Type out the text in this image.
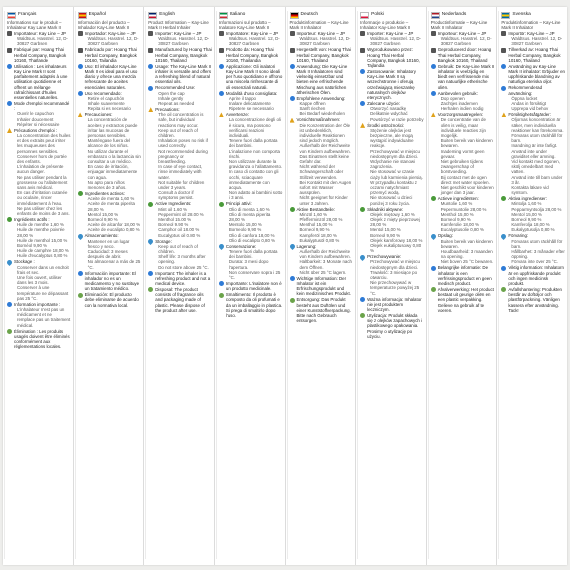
Français
Informations sur le produit – Inhalateur Kay Lane Mark II
Importateur: Kay Line – JP
Waldtsus. Hasstrel. 12, D-30827 Garbsen
Fabriqué par: Hoang Thai Herbal Company, Bangkok 10160, Thaïlande
Utilisation : Les inhalateurs Kay Line Mark II sont parfaitement adaptés à une utilisation quotidienne et offrent un mélange rafraîchissant d'huiles essentielles naturelles.
Mode d'emploi recommandé :
Ouvrir le capuchon
Inhaler doucement
Répéter si nécessaire
Précautions d'emploi :
La concentration des huiles et des extraits peut irriter les muqueuses des personnes sensibles.
Conserver hors de portée des enfants.
L'inhalation de présente aucun danger.
Ne pas utiliser pendant la grossesse ou l'allaitement sans avis médical.
En cas d'irritation cutanée ou oculaire, rincer immédiatement à l'eau.
Ne pas utiliser chez les enfants de moins de 3 ans.
Ingrédients actifs :
Huile de menthe 1,60 %
Huile de menthe poivrée 28,00 %
Huile de menthol 15,00 %
Bornéol 9,90 %
Huile de camphre 18,00 %
Huile d'eucalyptus 0,80 %
Stockage :
Conserver dans un endroit frais et sec.
Une fois ouvert, utiliser dans les 3 mois.
Conserver à une température ne dépassant pas 25 °C.
Information importante :
L'inhalateur n'est pas un médicament et ne remplace pas un traitement médical.
Élimination : Les produits usagés doivent être éliminés conformément aux réglementations locales.
Español
Información del producto – Inhalador Kay-Line Mark II
Importador: Kay-Line – JP
Waldtsus. Hasstrel. 12, D-30827 Garbsen
Fabricado por: Hoang Thai Herbal Company, Bangkok 10160, Tailandia
Uso: El inhalador Kay-Line Mark II es ideal para el uso diario y ofrece una mezcla refrescante de aceites esenciales naturales.
Uso recomendado:
Retire el capuchón
Inhale suavemente
Repita si es necesario
Precauciones:
La concentración de aceites y extractos puede irritar las mucosas de personas sensibles.
Manténgase fuera del alcance de los niños.
No utilizar durante el embarazo o la lactancia sin consultar a un médico.
En caso de irritación, enjuagar inmediatamente con agua.
No apto para niños menores de 3 años.
Ingredientes activos:
Aceite de menta 1,60 %
Aceite de menta piperita 28,00 %
Mentol 15,00 %
Borneol 9,90 %
Aceite de alcanfor 18,00 %
Aceite de eucalipto 0,80 %
Almacenamiento:
Mantener en un lugar fresco y seco.
Caducidad: 3 meses después de abrir.
No almacenar a más de 25 °C.
Información importante: El inhalador no es un medicamento y no sustituye un tratamiento médico.
Eliminación: El producto debe eliminarse de acuerdo con la normativa local.
English
Product Information – Kay-Line Mark II Herbal Inhaler
Importer: Kay-Line – JP
Waldtsus. Hasstrel. 12, D-30827 Garbsen
Manufactured by Hoang Thai Herbal Company, Bangkok 10160, Thailand
Usage: The Kay-Line Mark II inhaler is versatile and offers a refreshing blend of natural essential oils.
Recommended Use:
Open the cap
Inhale gently
Repeat as needed
Precautions:
The oil concentration is safe, but individual reactions may occur.
Keep out of reach of children.
Inhalation poses no risk if used correctly.
Not recommended during pregnancy or breastfeeding.
In case of eye contact, rinse immediately with water.
Not suitable for children under 3 years.
Consult a doctor if symptoms persist.
Active Ingredients:
Mint oil 1.60 %
Peppermint oil 28.00 %
Menthol 15.00 %
Borneol 9.90 %
Camphor oil 18.00 %
Eucalyptus oil 0.80 %
Storage:
Keep out of reach of children.
Shelf life: 3 months after opening.
Do not store above 25 °C.
Important: The inhaler is a refreshing product and not a medical device.
Disposal: The product consists of fragrance oils and packaging made of plastic. Please dispose of the product after use.
Italiano
Informazioni sul prodotto – Inalatore Kay-Line Mark II
Importatore: Kay-Line – JP
Waldtsus. Hasstrel. 12, D-30827 Garbsen
Prodotto da: Hoang Thai Herbal Company, Bangkok 10160, Thailandia
Applicazione: Gli inalatori Kay-Line Mark II sono ideali per l'uso quotidiano e offrono una miscela rinfrescante di oli essenziali naturali.
Modalità d'uso consigliata:
Aprire il tappo
Inalare delicatamente
Ripetere se necessario
Avvertenze:
La concentrazione degli oli è sicura, ma possono verificarsi reazioni individuali.
Tenere fuori dalla portata dei bambini.
L'inalazione non comporta rischi.
Non utilizzare durante la gravidanza o l'allattamento.
In caso di contatto con gli occhi, sciacquare immediatamente con acqua.
Non adatto ai bambini sotto i 3 anni.
Principi attivi:
Olio di menta 1,60 %
Olio di menta piperita 28,00 %
Mentolo 15,00 %
Borneolo 9,90 %
Olio di canfora 18,00 %
Olio di eucalipto 0,80 %
Conservazione:
Tenere fuori dalla portata dei bambini.
Durata: 3 mesi dopo l'apertura.
Non conservare sopra i 25 °C.
Importante: L'inalatore non è un prodotto medicinale.
Smaltimento: Il prodotto è composto da oli profumati e da un imballaggio in plastica. Si prega di smaltirlo dopo l'uso.
Deutsch
Produktinformation – Kay-Line Mark II Inhalator
Importeur: Kay-Line – JP
Waldtsus. Hasstrel. 12, D-30827 Garbsen
Hergestellt von: Hoang Thai Herbal Company, Bangkok 10160, Thailand
Anwendung: Die Kay-Line Mark II Inhalatoren sind vielseitig einsetzbar und bieten eine erfrischende Mischung aus natürlichen ätherischen Ölen.
Empfohlene Anwendung:
Kappe öffnen
Sanft riechen
Bei Bedarf wiederholen
Vorsichtsmaßnahmen:
Die Konzentration der Öle ist unbedenklich, individuelle Reaktionen sind jedoch möglich.
Außerhalb der Reichweite von Kindern aufbewahren.
Das Einatmen stellt keine Gefahr dar.
Nicht während der Schwangerschaft oder Stillzeit verwenden.
Bei Kontakt mit den Augen sofort mit Wasser ausspülen.
Nicht geeignet für Kinder unter 3 Jahren.
Aktive Bestandteile:
Minzöl 1,60 %
Pfefferminzöl 28,00 %
Menthol 15,00 %
Borneol 9,90 %
Kampferöl 18,00 %
Eukalyptusöl 0,80 %
Lagerung:
Außerhalb der Reichweite von Kindern aufbewahren.
Haltbarkeit: 3 Monate nach dem Öffnen.
Nicht über 25 °C lagern.
Wichtige Information: Der Inhalator ist ein Erfrischungsprodukt und kein medizinisches Produkt.
Entsorgung: Das Produkt besteht aus Duftölen und einer Kunststoffverpackung. Bitte nach Gebrauch entsorgen.
Polski
Informacje o produkcie – Inhalator Kay-Line Mark II
Importer: Kay-Line – JP
Waldtsus. Hasstrel. 12, D-30827 Garbsen
Wyprodukowano przez: Hoang Thai Herbal Company, Bangkok 10160, Tajlandia
Zastosowanie: Inhalatory Kay-Line Mark II są wszechstronne i oferują orzeźwiającą mieszankę naturalnych olejków eterycznych.
Zalecane użycie:
Otworzyć nasadkę
Delikatnie wdychać
Powtórzyć w razie potrzeby
Środki ostrożności:
Stężenie olejków jest bezpieczne, ale mogą wystąpić indywidualne reakcje.
Przechowywać w miejscu niedostępnym dla dzieci.
Wdychanie nie stanowi zagrożenia.
Nie stosować w czasie ciąży lub karmienia piersią.
W przypadku kontaktu z oczami natychmiast przemyć wodą.
Nie stosować u dzieci poniżej 3 roku życia.
Składniki aktywne:
Olejek miętowy 1,60 %
Olejek z mięty pieprzowej 28,00 %
Mentol 15,00 %
Borneol 9,90 %
Olejek kamforowy 18,00 %
Olejek eukaliptusowy 0,80 %
Przechowywanie:
Przechowywać w miejscu niedostępnym dla dzieci.
Trwałość: 3 miesiące po otwarciu.
Nie przechowywać w temperaturze powyżej 25 °C.
Ważna informacja: Inhalator nie jest produktem leczniczym.
Utylizacja: Produkt składa się z olejków zapachowych i plastikowego opakowania. Prosimy o utylizację po użyciu.
Nederlands
Productinformatie – Kay-Line Mark II Inhalator
Importeur: Kay-Line – JP
Waldtsus. Hasstrel. 12, D-30827 Garbsen
Geproduceerd door: Hoang Thai Herbal Company, Bangkok 10160, Thailand
Gebruik: De Kay-Line Mark II inhalator is veelzijdig en biedt een verfrissende mix van natuurlijke etherische oliën.
Aanbevolen gebruik:
Dop openen
Zachtjes inademen
Herhalen indien nodig
Voorzorgsmaatregelen:
De concentratie van de oliën is veilig, maar individuele reacties zijn mogelijk.
Buiten bereik van kinderen bewaren.
Inademing vormt geen gevaar.
Niet gebruiken tijdens zwangerschap of borstvoeding.
Bij contact met de ogen direct met water spoelen.
Niet geschikt voor kinderen jonger dan 3 jaar.
Actieve ingrediënten:
Muntolie 1,60 %
Pepermuntolie 28,00 %
Menthol 15,00 %
Borneol 9,90 %
Kamferolie 18,00 %
Eucalyptusolie 0,80 %
Opslag:
Buiten bereik van kinderen bewaren.
Houdbaarheid: 3 maanden na opening.
Niet boven 25 °C bewaren.
Belangrijke informatie: De inhalator is een verfrissingsproduct en geen medisch product.
Afvalverwerking: Het product bestaat uit geurige oliën en een plastic verpakking. Gelieve na gebruik af te voeren.
Svenska
Produktinformation – Kay-Line Mark II Inhalator
Importör: Kay-Line – JP
Waldtsus. Hasstrel. 12, D-30827 Garbsen
Tillverkad av: Hoang Thai Herbal Company, Bangkok 10160, Thailand
Användning av Kay-Line Mark II inhalator: Erbjuder en uppfriskande blandning av naturliga eteriska oljor.
Rekommenderad användning:
Öppna locket
Andas in försiktigt
Upprepa vid behov
Försiktighetsåtgärder:
Oljornas koncentration är säker, men individuella reaktioner kan förekomma.
Förvaras utom räckhåll för barn.
Inandning är inte farligt.
Använd inte under graviditet eller amning.
Vid kontakt med ögonen, skölj omedelbart med vatten.
Använd inte till barn under 3 år.
Kontakta läkare vid symtom.
Aktiva ingredienser:
Mintolja 1,60 %
Pepparmyntsolja 28,00 %
Mentol 15,00 %
Borneol 9,90 %
Kamferolja 18,00 %
Eukalyptusolja 0,80 %
Förvaring:
Förvaras utom räckhåll för barn.
Hållbarhet: 3 månader efter öppning.
Förvara inte över 25 °C.
Viktig information: Inhalatorn är en uppfriskande produkt och ingen medicinsk produkt.
Avfallshantering: Produkten består av doftoljor och plastförpackning. Vänligen kassera efter användning. Tack!
